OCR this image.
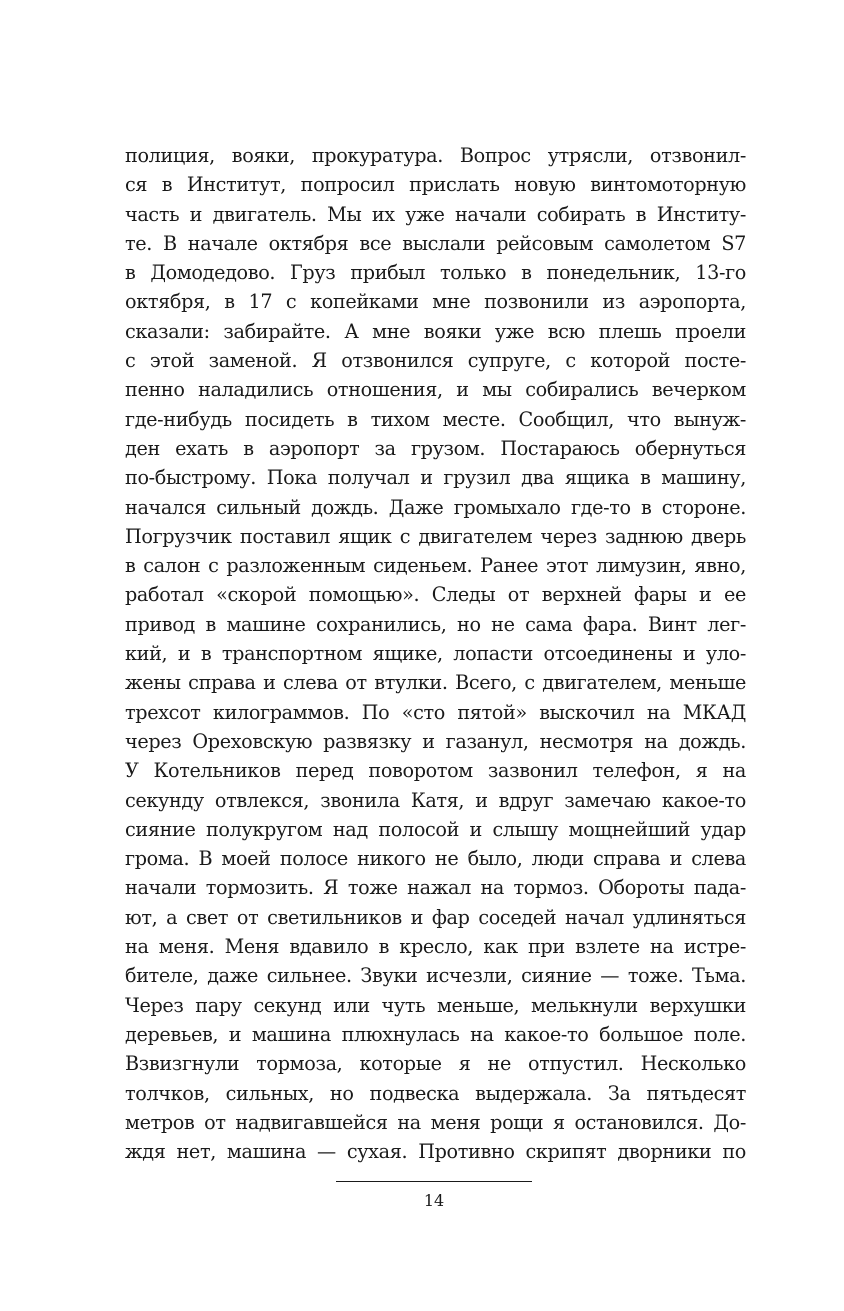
полиция, вояки, прокуратура. Вопрос утрясли, отзвонил-
ся в Институт, попросил прислать новую винтомоторную
часть и двигатель. Мы их уже начали собирать в Институ-
те. В начале октября все выслали рейсовым самолетом S7
в Домодедово. Груз прибыл только в понедельник, 13-го
октября, в 17 с копейками мне позвонили из аэропорта,
сказали: забирайте. А мне вояки уже всю плешь проели
с этой заменой. Я отзвонился супруге, с которой посте-
пенно наладились отношения, и мы собирались вечерком
где-нибудь посидеть в тихом месте. Сообщил, что вынуж-
ден ехать в аэропорт за грузом. Постараюсь обернуться
по-быстрому. Пока получал и грузил два ящика в машину,
начался сильный дождь. Даже громыхало где-то в стороне.
Погрузчик поставил ящик с двигателем через заднюю дверь
в салон с разложенным сиденьем. Ранее этот лимузин, явно,
работал «скорой помощью». Следы от верхней фары и ее
привод в машине сохранились, но не сама фара. Винт лег-
кий, и в транспортном ящике, лопасти отсоединены и уло-
жены справа и слева от втулки. Всего, с двигателем, меньше
трехсот килограммов. По «сто пятой» выскочил на МКАД
через Ореховскую развязку и газанул, несмотря на дождь.
У Котельников перед поворотом зазвонил телефон, я на
секунду отвлекся, звонила Катя, и вдруг замечаю какое-то
сияние полукругом над полосой и слышу мощнейший удар
грома. В моей полосе никого не было, люди справа и слева
начали тормозить. Я тоже нажал на тормоз. Обороты пада-
ют, а свет от светильников и фар соседей начал удлиняться
на меня. Меня вдавило в кресло, как при взлете на истре-
бителе, даже сильнее. Звуки исчезли, сияние — тоже. Тьма.
Через пару секунд или чуть меньше, мелькнули верхушки
деревьев, и машина плюхнулась на какое-то большое поле.
Взвизгнули тормоза, которые я не отпустил. Несколько
толчков, сильных, но подвеска выдержала. За пятьдесят
метров от надвигавшейся на меня рощи я остановился. До-
ждя нет, машина — сухая. Противно скрипят дворники по
14
